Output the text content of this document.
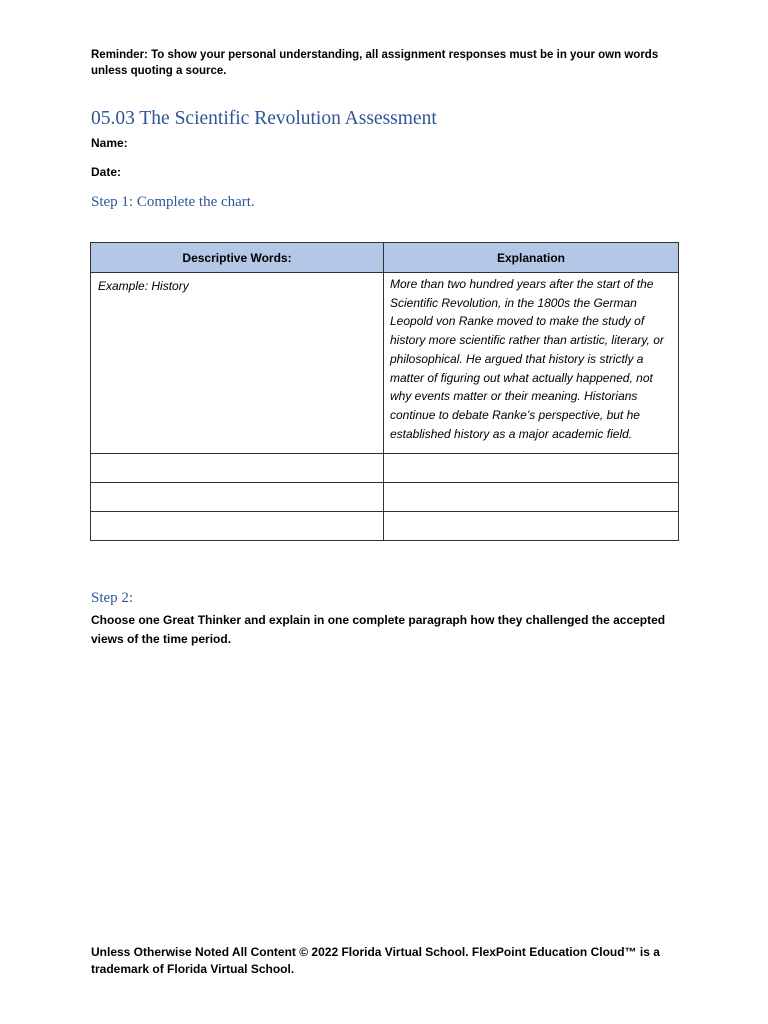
Reminder: To show your personal understanding, all assignment responses must be in your own words unless quoting a source.
05.03 The Scientific Revolution Assessment
Name:
Date:
Step 1: Complete the chart.
Descriptive Words:	Explanation

Example: History	More than two hundred years after the start of the Scientific Revolution, in the 1800s the German Leopold von Ranke moved to make the study of history more scientific rather than artistic, literary, or philosophical. He argued that history is strictly a matter of figuring out what actually happened, not why events matter or their meaning. Historians continue to debate Ranke’s perspective, but he established history as a major academic field.

Step 2:
Choose one Great Thinker and explain in one complete paragraph how they challenged the accepted views of the time period.
Unless Otherwise Noted All Content © 2022 Florida Virtual School. FlexPoint Education Cloud™ is a trademark of Florida Virtual School.
